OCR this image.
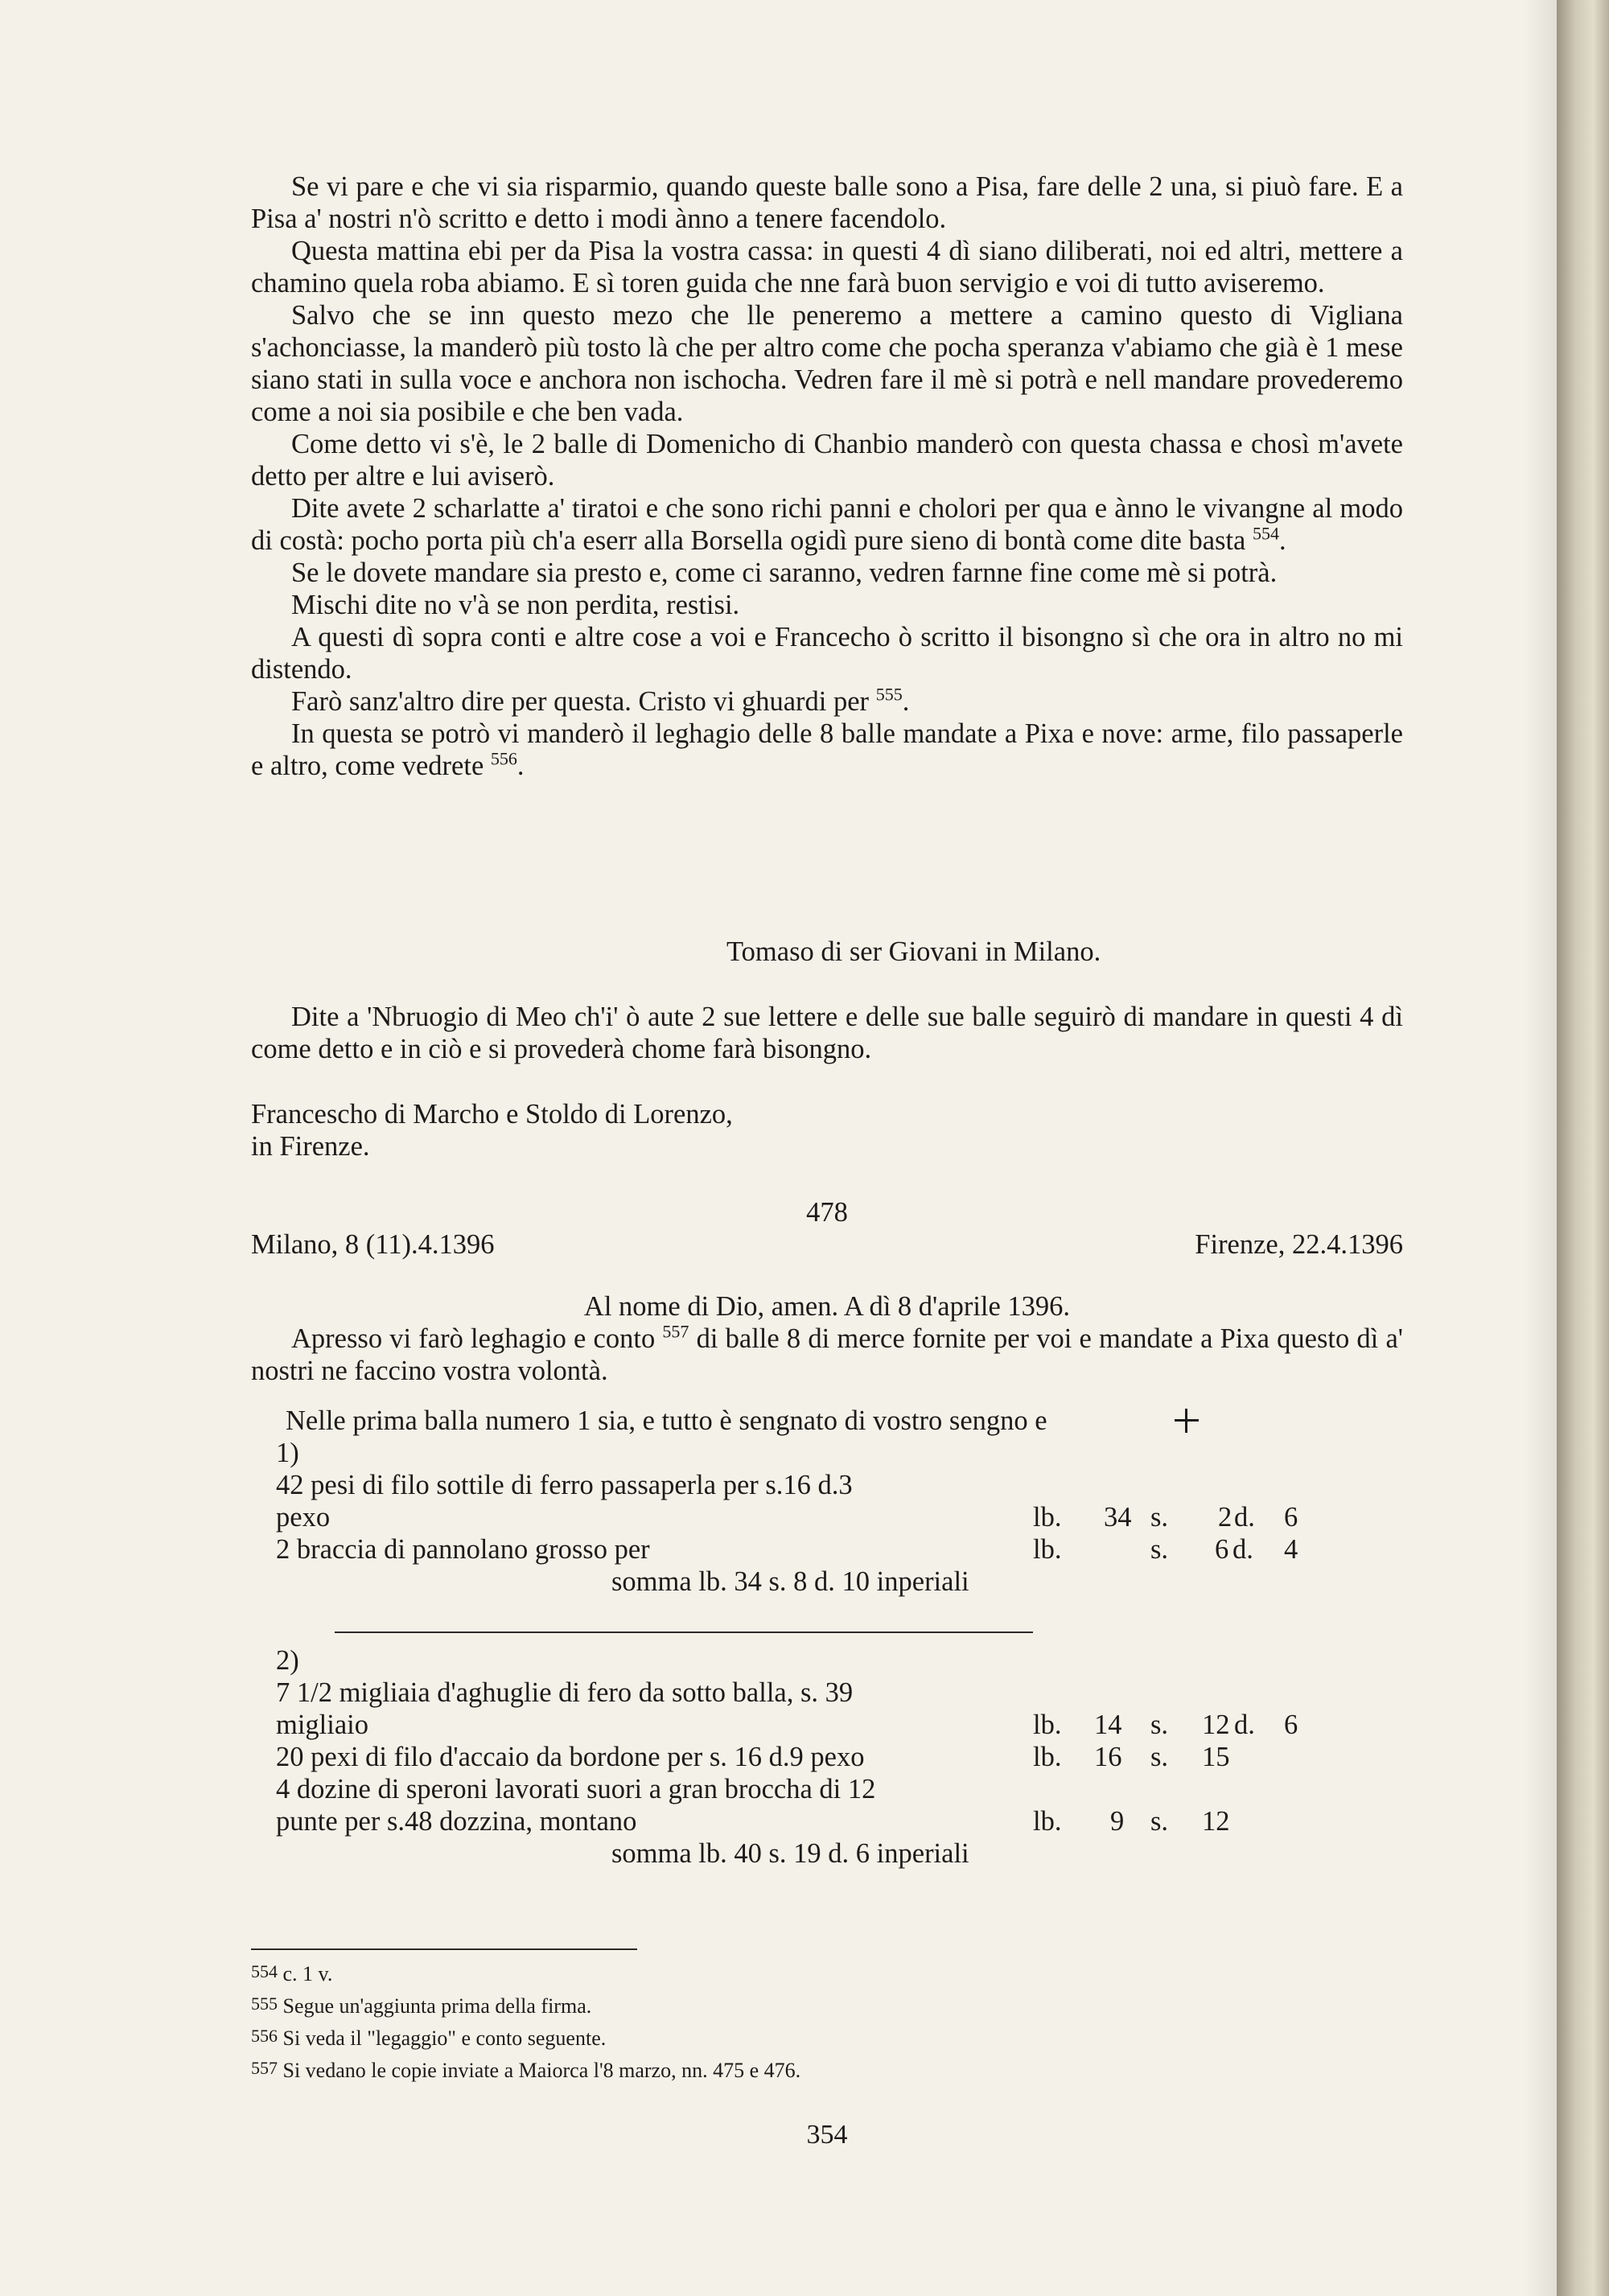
Se vi pare e che vi sia risparmio, quando queste balle sono a Pisa, fare delle 2 una, si piuò fare. E a Pisa a' nostri n'ò scritto e detto i modi ànno a tenere facendolo.

Questa mattina ebi per da Pisa la vostra cassa: in questi 4 dì siano diliberati, noi ed altri, mettere a chamino quela roba abiamo. E sì toren guida che nne farà buon servigio e voi di tutto aviseremo.

Salvo che se inn questo mezo che lle peneremo a mettere a camino questo di Vigliana s'achonciasse, la manderò più tosto là che per altro come che pocha speranza v'abiamo che già è 1 mese siano stati in sulla voce e anchora non ischocha. Vedren fare il mè si potrà e nell mandare provederemo come a noi sia posibile e che ben vada.

Come detto vi s'è, le 2 balle di Domenicho di Chanbio manderò con questa chassa e chosì m'avete detto per altre e lui aviserò.

Dite avete 2 scharlatte a' tiratoi e che sono richi panni e cholori per qua e ànno le vivangne al modo di costà: pocho porta più ch'a eserr alla Borsella ogidì pure sieno di bontà come dite basta $^{554}$.

Se le dovete mandare sia presto e, come ci saranno, vedren farnne fine come mè si potrà.

Mischi dite no v'à se non perdita, restisi.

A questi dì sopra conti e altre cose a voi e Francecho ò scritto il bisongno sì che ora in altro no mi distendo.

Farò sanz'altro dire per questa. Cristo vi ghuardi per $^{555}$.

In questa se potrò vi manderò il leghagio delle 8 balle mandate a Pixa e nove: arme, filo passaperle e altro, come vedrete $^{556}$.

Tomaso di ser Giovani in Milano.

Dite a 'Nbruogio di Meo ch'i' ò aute 2 sue lettere e delle sue balle seguirò di mandare in questi 4 dì come detto e in ciò e si provederà chome farà bisongno.

Francescho di Marcho e Stoldo di Lorenzo,
in Firenze.
478
Milano, 8 (11).4.1396	Firenze, 22.4.1396
Al nome di Dio, amen. A dì 8 d'aprile 1396.

Apresso vi farò leghagio e conto $^{557}$ di balle 8 di merce fornite per voi e mandate a Pixa questo dì a' nostri ne faccino vostra volontà.

Nelle prima balla numero 1 sia, e tutto è sengnato di vostro sengno e
1)
42 pesi di filo sottile di ferro passaperla per s.16 d.3
pexo	lb. 34 s. 2 d. 6
2 braccia di pannolano grosso per	lb.	s. 6 d. 4
somma lb. 34 s. 8 d. 10 inperiali
2)
7 1/2 migliaia d'aghuglie di fero da sotto balla, s. 39
migliaio	lb. 14 s. 12 d. 6
20 pexi di filo d'accaio da bordone per s. 16 d.9 pexo	lb. 16 s. 15
4 dozine di speroni lavorati suori a gran broccha di 12
punte per s.48 dozzina, montano	lb. 9 s. 12
somma lb. 40 s. 19 d. 6 inperiali
$^{554}$ c. 1 v.
$^{555}$ Segue un'aggiunta prima della firma.
$^{556}$ Si veda il "legaggio" e conto seguente.
$^{557}$ Si vedano le copie inviate a Maiorca l'8 marzo, nn. 475 e 476.
354
